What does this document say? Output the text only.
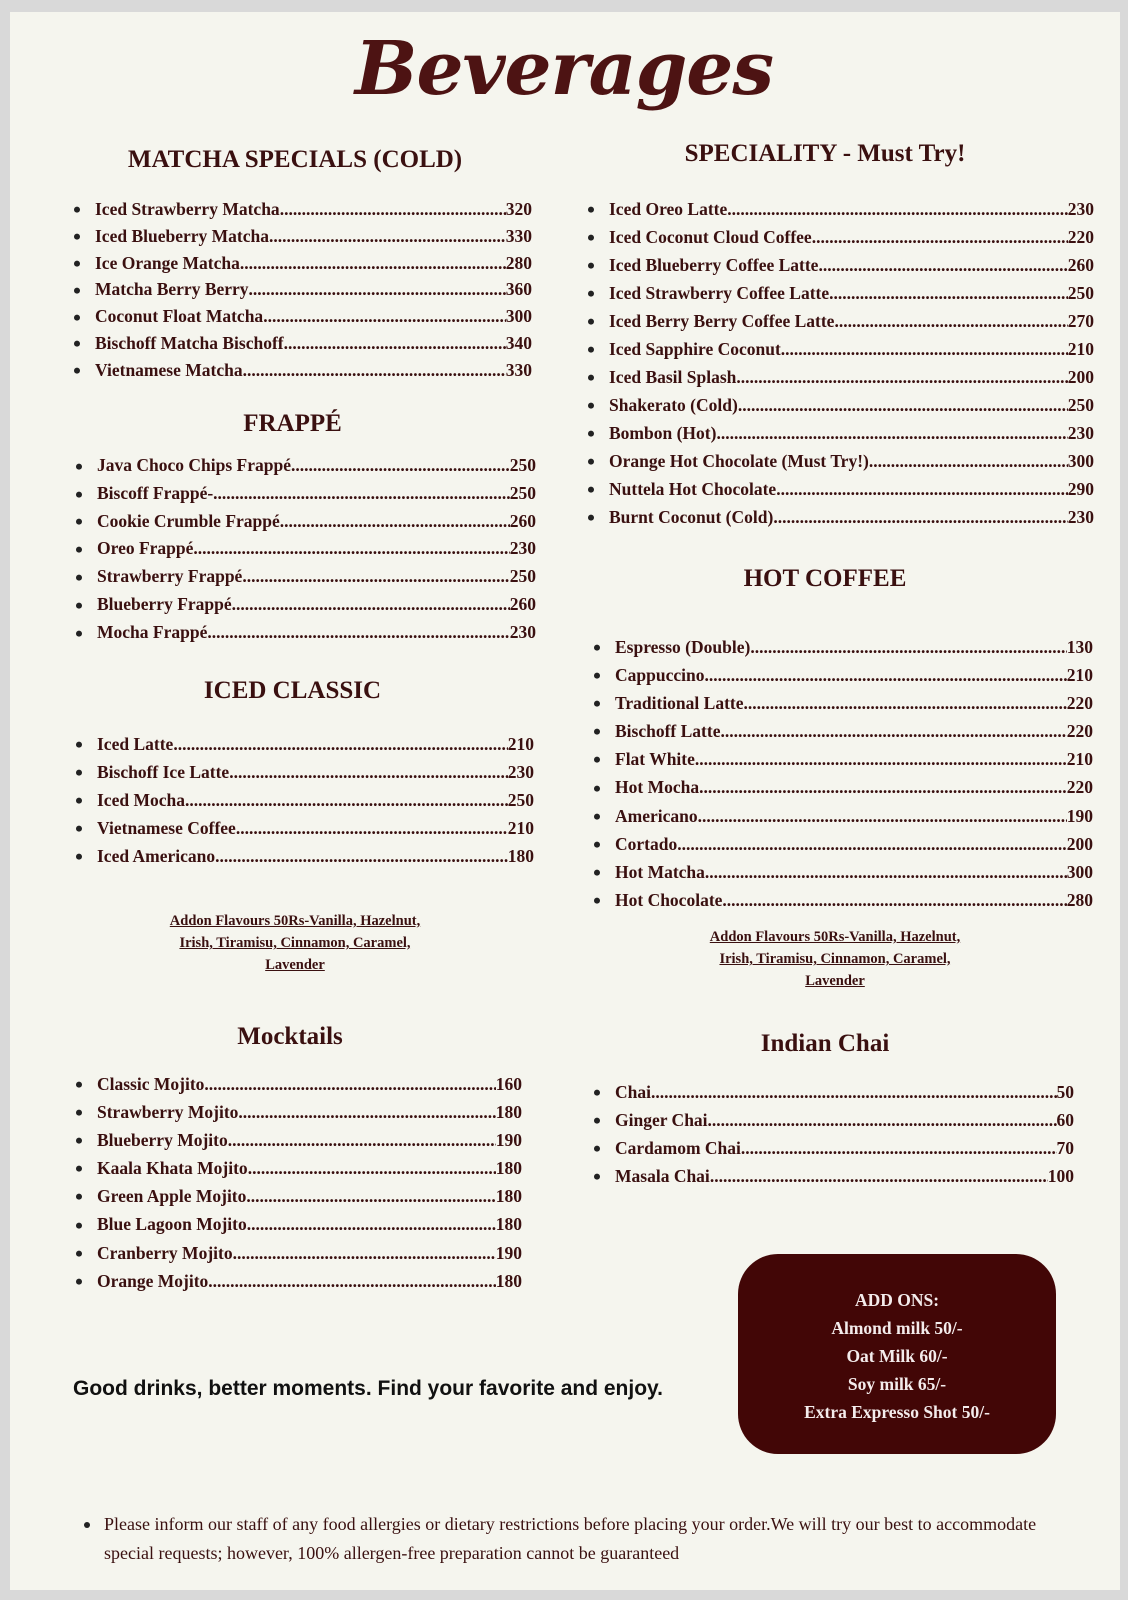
Beverages
MATCHA SPECIALS (COLD)
Iced Strawberry Matcha .....	320
Iced Blueberry Matcha .....	330
Ice Orange Matcha .....	280
Matcha Berry Berry .....	360
Coconut Float Matcha .....	300
Bischoff Matcha Bischoff .....	340
Vietnamese Matcha .....	330
FRAPPÉ
Java Choco Chips Frappé .....	250
Biscoff Frappé- .....	250
Cookie Crumble Frappé .....	260
Oreo Frappé .....	230
Strawberry Frappé .....	250
Blueberry Frappé .....	260
Mocha Frappé .....	230
ICED CLASSIC
Iced Latte .....	210
Bischoff Ice Latte .....	230
Iced Mocha .....	250
Vietnamese Coffee .....	210
Iced Americano .....	180
Addon Flavours 50Rs-Vanilla, Hazelnut,
Irish, Tiramisu, Cinnamon, Caramel,
Lavender
Mocktails
Classic Mojito .....	160
Strawberry Mojito .....	180
Blueberry Mojito .....	190
Kaala Khata Mojito .....	180
Green Apple Mojito .....	180
Blue Lagoon Mojito .....	180
Cranberry Mojito .....	190
Orange Mojito .....	180
SPECIALITY - Must Try!
Iced Oreo Latte .....	230
Iced Coconut Cloud Coffee .....	220
Iced Blueberry Coffee Latte .....	260
Iced Strawberry Coffee Latte .....	250
Iced Berry Berry Coffee Latte .....	270
Iced Sapphire Coconut .....	210
Iced Basil Splash .....	200
Shakerato (Cold) .....	250
Bombon (Hot) .....	230
Orange Hot Chocolate (Must Try!) .....	300
Nuttela Hot Chocolate .....	290
Burnt Coconut (Cold) .....	230
HOT COFFEE
Espresso (Double) .....	130
Cappuccino .....	210
Traditional Latte .....	220
Bischoff Latte .....	220
Flat White .....	210
Hot Mocha .....	220
Americano .....	190
Cortado .....	200
Hot Matcha .....	300
Hot Chocolate .....	280
Addon Flavours 50Rs-Vanilla, Hazelnut,
Irish, Tiramisu, Cinnamon, Caramel,
Lavender
Indian Chai
Chai .....	50
Ginger Chai .....	60
Cardamom Chai .....	70
Masala Chai .....	100
ADD ONS:
Almond milk 50/-
Oat Milk 60/-
Soy milk 65/-
Extra Expresso Shot 50/-
Good drinks, better moments. Find your favorite and enjoy.
Please inform our staff of any food allergies or dietary restrictions before placing your order.We will try our best to accommodate special requests; however, 100% allergen-free preparation cannot be guaranteed
